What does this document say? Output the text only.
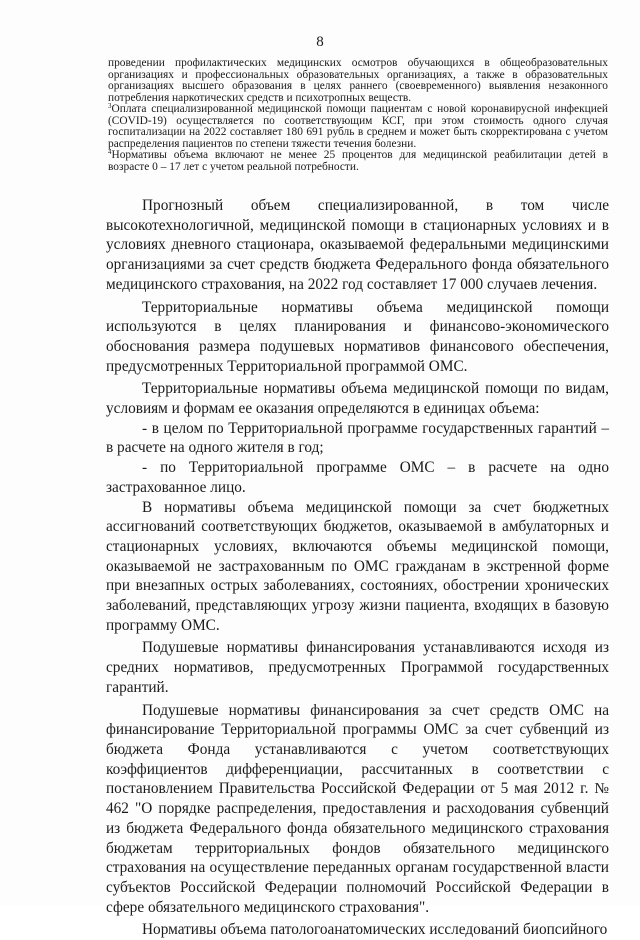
8

проведении профилактических медицинских осмотров обучающихся в общеобразовательных организациях и профессиональных образовательных организациях, а также в образовательных организациях высшего образования в целях раннего (своевременного) выявления незаконного потребления наркотических средств и психотропных веществ.

$^3$Оплата специализированной медицинской помощи пациентам с новой коронавирусной инфекцией (COVID-19) осуществляется по соответствующим КСГ, при этом стоимость одного случая госпитализации на 2022 составляет 180 691 рубль в среднем и может быть скорректирована с учетом распределения пациентов по степени тяжести течения болезни.

$^4$Нормативы объема включают не менее 25 процентов для медицинской реабилитации детей в возрасте 0 – 17 лет с учетом реальной потребности.

Прогнозный объем специализированной, в том числе высокотехнологичной, медицинской помощи в стационарных условиях и в условиях дневного стационара, оказываемой федеральными медицинскими организациями за счет средств бюджета Федерального фонда обязательного медицинского страхования, на 2022 год составляет 17 000 случаев лечения.

Территориальные нормативы объема медицинской помощи используются в целях планирования и финансово-экономического обоснования размера подушевых нормативов финансового обеспечения, предусмотренных Территориальной программой ОМС.

Территориальные нормативы объема медицинской помощи по видам, условиям и формам ее оказания определяются в единицах объема:

- в целом по Территориальной программе государственных гарантий – в расчете на одного жителя в год;

- по Территориальной программе ОМС – в расчете на одно застрахованное лицо.

В нормативы объема медицинской помощи за счет бюджетных ассигнований соответствующих бюджетов, оказываемой в амбулаторных и стационарных условиях, включаются объемы медицинской помощи, оказываемой не застрахованным по ОМС гражданам в экстренной форме при внезапных острых заболеваниях, состояниях, обострении хронических заболеваний, представляющих угрозу жизни пациента, входящих в базовую программу ОМС.

Подушевые нормативы финансирования устанавливаются исходя из средних нормативов, предусмотренных Программой государственных гарантий.

Подушевые нормативы финансирования за счет средств ОМС на финансирование Территориальной программы ОМС за счет субвенций из бюджета Фонда устанавливаются с учетом соответствующих коэффициентов дифференциации, рассчитанных в соответствии с постановлением Правительства Российской Федерации от 5 мая 2012 г. № 462 "О порядке распределения, предоставления и расходования субвенций из бюджета Федерального фонда обязательного медицинского страхования бюджетам территориальных фондов обязательного медицинского страхования на осуществление переданных органам государственной власти субъектов Российской Федерации полномочий Российской Федерации в сфере обязательного медицинского страхования".

Нормативы объема патологоанатомических исследований биопсийного
